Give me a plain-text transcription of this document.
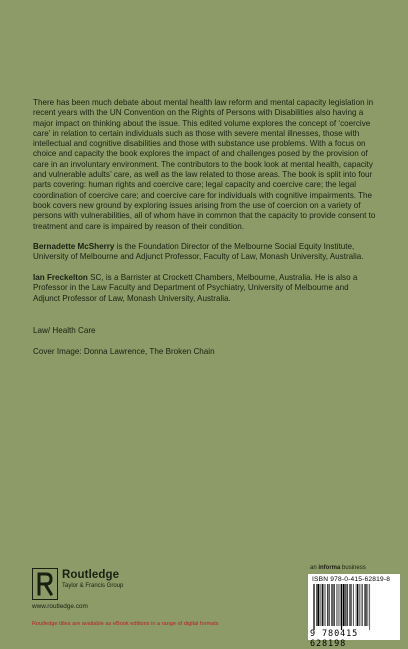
There has been much debate about mental health law reform and mental capacity legislation in recent years with the UN Convention on the Rights of Persons with Disabilities also having a major impact on thinking about the issue. This edited volume explores the concept of ‘coercive care’ in relation to certain individuals such as those with severe mental illnesses, those with intellectual and cognitive disabilities and those with substance use problems. With a focus on choice and capacity the book explores the impact of and challenges posed by the provision of care in an involuntary environment. The contributors to the book look at mental health, capacity and vulnerable adults’ care, as well as the law related to those areas. The book is split into four parts covering: human rights and coercive care; legal capacity and coercive care; the legal coordination of coercive care; and coercive care for individuals with cognitive impairments. The book covers new ground by exploring issues arising from the use of coercion on a variety of persons with vulnerabilities, all of whom have in common that the capacity to provide consent to treatment and care is impaired by reason of their condition.

Bernadette McSherry is the Foundation Director of the Melbourne Social Equity Institute, University of Melbourne and Adjunct Professor, Faculty of Law, Monash University, Australia.

Ian Freckelton SC, is a Barrister at Crockett Chambers, Melbourne, Australia. He is also a Professor in the Law Faculty and Department of Psychiatry, University of Melbourne and Adjunct Professor of Law, Monash University, Australia.

Law/ Health Care

Cover Image: Donna Lawrence, The Broken Chain

Routledge
Taylor & Francis Group
www.routledge.com
Routledge titles are available as eBook editions in a range of digital formats
an informa business
ISBN 978-0-415-62819-8
9 780415 628198
